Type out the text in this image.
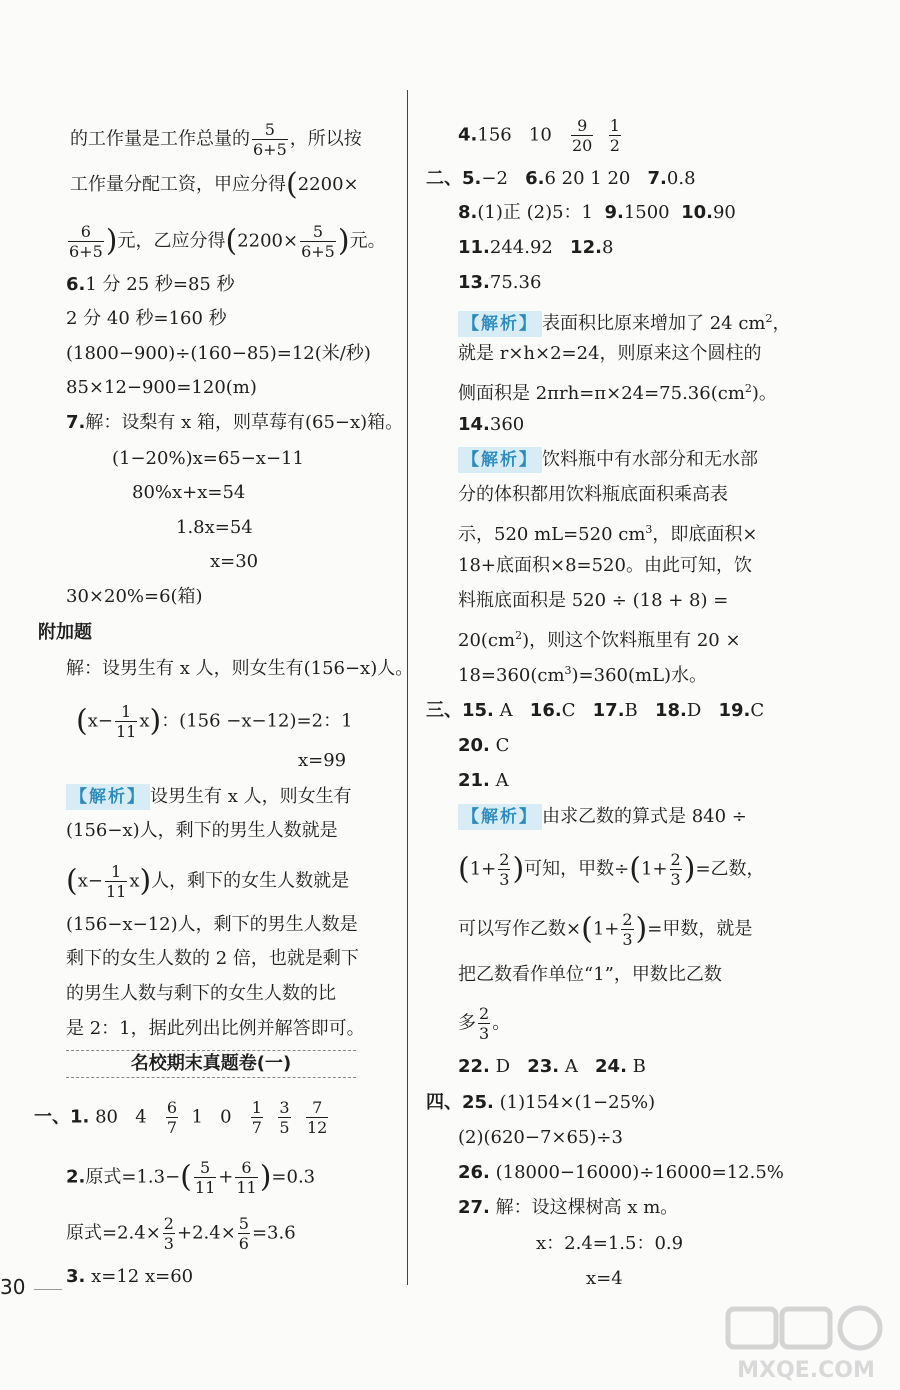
的工作量是工作总量的 $\frac{5}{6+5}$ ，所以按
工作量分配工资，甲应分得(2200×
$\frac{6}{6+5}$ )元，乙应分得($2200\times \frac{5}{6+5}$ )元。
6.1 分 25 秒=85 秒
2 分 40 秒=160 秒
(1800−900)÷(160−85)=12(米/秒)
85×12−900=120(m)
7.解：设梨有 x 箱，则草莓有(65−x)箱。
(1−20%)x=65−x−11
80%x+x=54
1.8x=54
x=30
30×20%=6(箱)
附加题
解：设男生有 x 人，则女生有(156−x)人。
$(x- \frac{1}{11} x)$：(156 −x−12)=2：1
x=99
【解析】 设男生有 x 人，则女生有
(156−x)人，剩下的男生人数就是
$(x- \frac{1}{11} x)$人，剩下的女生人数就是
(156−x−12)人，剩下的男生人数是
剩下的女生人数的 2 倍，也就是剩下
的男生人数与剩下的女生人数的比
是 2：1，据此列出比例并解答即可。
名校期末真题卷(一)
一、1. 80 $4 \frac{6}{7} 1$ $0 \frac{1}{7}$
$\frac{3}{5}$
$\frac{7}{12}$
2.原式$=1.3-( \frac{5}{11} + \frac{6}{11} )=0.3$
原式$=2.4\times \frac{2}{3} +2.4\times \frac{5}{6} =3.6$
3. x=12 x=60
4.156 $10 \frac{9}{20}$
$\frac{1}{2}$
二、5.−2 6.6 20 1 20 7.0.8
8.(1)正 (2)5：1 9.1500 10.90
11.244.92 12.8
13.75.36
【解析】 表面积比原来增加了 24 $cm^2$，
就是 r×h×2=24，则原来这个圆柱的
侧面积是 $2\pi rh=\pi\times 24=75.36(cm^2)$。
14.360
【解析】 饮料瓶中有水部分和无水部
分的体积都用饮料瓶底面积乘高表
示，520 mL=520 $cm^3$，即底面积×
18+底面积×8=520。由此可知，饮
料瓶底面积是 520 ÷ (18 + 8) =
$20(cm^2)$，则这个饮料瓶里有 20 ×
$18=360(cm^3)=360(mL)$水。
三、15. A 16.C 17.B 18.D 19.C
20. C
21. A
【解析】 由求乙数的算式是 840 ÷
($1+ \frac{2}{3}$ )可知，甲数$\div(1+ \frac{2}{3}$ )=乙数，
可以写作乙数$\times(1+ \frac{2}{3}$ )=甲数，就是
把乙数看作单位“1”，甲数比乙数
多 $\frac{2}{3}$ 。
22. D 23. A 24. B
四、25. (1)154×(1−25%)
(2)(620−7×65)÷3
26. (18000−16000)÷16000=12.5%
27. 解：设这棵树高 x m。
x：2.4=1.5：0.9
x=4
30
MXQE.COM
